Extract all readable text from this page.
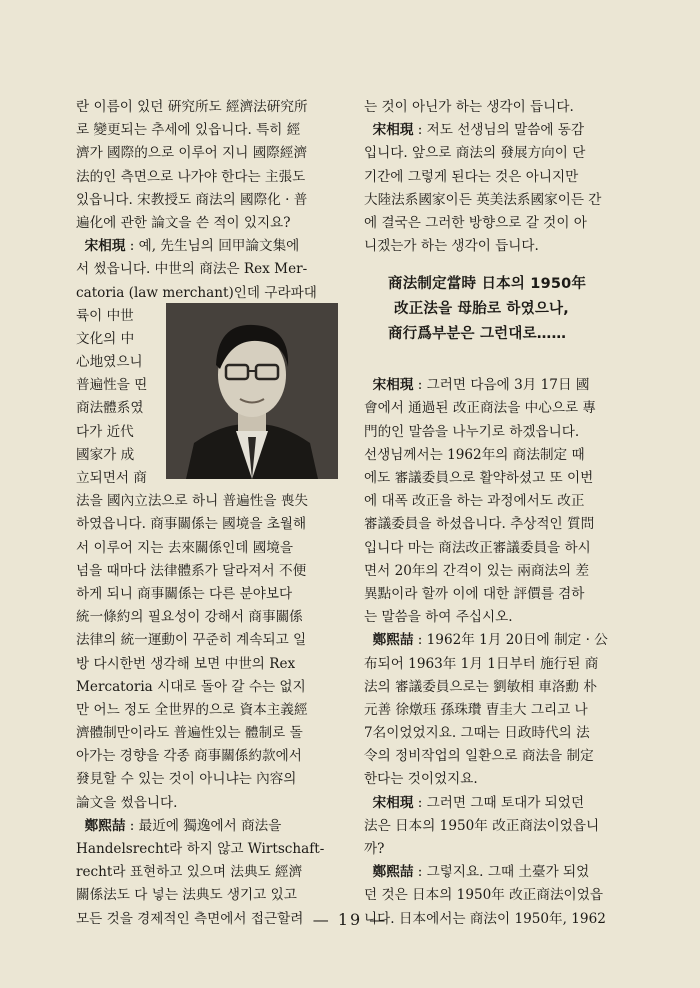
란 이름이 있던 硏究所도 經濟法硏究所
로 變更되는 추세에 있읍니다. 특히 經
濟가 國際的으로 이루어 지니 國際經濟
法的인 측면으로 나가야 한다는 主張도
있읍니다. 宋教授도 商法의 國際化 · 普
遍化에 관한 論文을 쓴 적이 있지요?
宋相現 : 예, 先生님의 回甲論文集에
서 썼읍니다. 中世의 商法은 Rex Mer-
catoria (law merchant)인데 구라파대
륙이 中世
文化의 中
心地였으니
普遍性을 띤
商法體系였
다가 近代
國家가 成
立되면서 商
法을 國內立法으로 하니 普遍性을 喪失
하였읍니다. 商事關係는 國境을 초월해
서 이루어 지는 去來關係인데 國境을
넘을 때마다 法律體系가 달라져서 不便
하게 되니 商事關係는 다른 분야보다
統一條約의 필요성이 강해서 商事關係
法律의 統一運動이 꾸준히 계속되고 일
방 다시한번 생각해 보면 中世의 Rex
Mercatoria 시대로 돌아 갈 수는 없지
만 어느 정도 全世界的으로 資本主義經
濟體制만이라도 普遍性있는 體制로 돌
아가는 경향을 각종 商事關係約款에서
發見할 수 있는 것이 아니냐는 內容의
論文을 썼읍니다.
鄭熙喆 : 最近에 獨逸에서 商法을
Handelsrecht라 하지 않고 Wirtschaft-
recht라 표현하고 있으며 法典도 經濟
關係法도 다 넣는 法典도 생기고 있고
모든 것을 경제적인 측면에서 접근할려
商法制定當時 日本의 1950年
改正法을 母胎로 하였으나,
商行爲부분은 그런대로……
는 것이 아닌가 하는 생각이 듭니다.
宋相現 : 저도 선생님의 말씀에 동감
입니다. 앞으로 商法의 發展方向이 단
기간에 그렇게 된다는 것은 아니지만
大陸法系國家이든 英美法系國家이든 간
에 결국은 그러한 방향으로 갈 것이 아
니겠는가 하는 생각이 듭니다.
宋相現 : 그러면 다음에 3月 17日 國
會에서 通過된 改正商法을 中心으로 專
門的인 말씀을 나누기로 하겠읍니다.
선생님께서는 1962年의 商法制定 때
에도 審議委員으로 활약하셨고 또 이번
에 대폭 改正을 하는 과정에서도 改正
審議委員을 하셨읍니다. 추상적인 質問
입니다 마는 商法改正審議委員을 하시
면서 20年의 간격이 있는 兩商法의 差
異點이라 할까 이에 대한 評價를 겸하
는 말씀을 하여 주십시오.
鄭熙喆 : 1962年 1月 20日에 制定 · 公
布되어 1963年 1月 1日부터 施行된 商
法의 審議委員으로는 劉敏相 車洛勳 朴
元善 徐燉珏 孫珠瓚 曺圭大 그리고 나
7名이었었지요. 그때는 日政時代의 法
令의 정비작업의 일환으로 商法을 制定
한다는 것이었지요.
宋相現 : 그러면 그때 토대가 되었던
法은 日本의 1950年 改正商法이었읍니
까?
鄭熙喆 : 그렇지요. 그때 土臺가 되었
던 것은 日本의 1950年 改正商法이었읍
니다. 日本에서는 商法이 1950年, 1962
— 19 —
